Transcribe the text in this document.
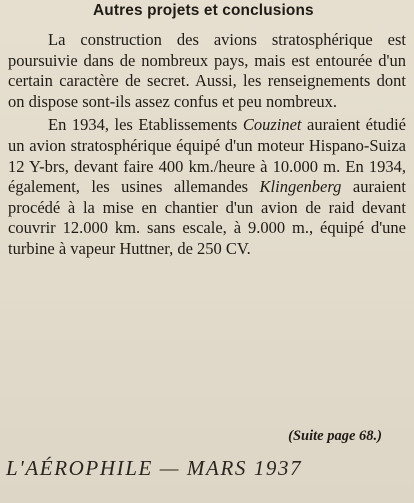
Autres projets et conclusions

La construction des avions stratosphérique est poursuivie dans de nombreux pays, mais est entourée d'un certain caractère de secret. Aussi, les renseignements dont on dispose sont-ils assez confus et peu nombreux.

En 1934, les Etablissements Couzinet auraient étudié un avion stratosphérique équipé d'un moteur Hispano-Suiza 12 Y-brs, devant faire 400 km./heure à 10.000 m. En 1934, également, les usines allemandes Klingenberg auraient procédé à la mise en chantier d'un avion de raid devant couvrir 12.000 km. sans escale, à 9.000 m., équipé d'une turbine à vapeur Huttner, de 250 CV.

(Suite page 68.)
L'AÉROPHILE — MARS 1937
